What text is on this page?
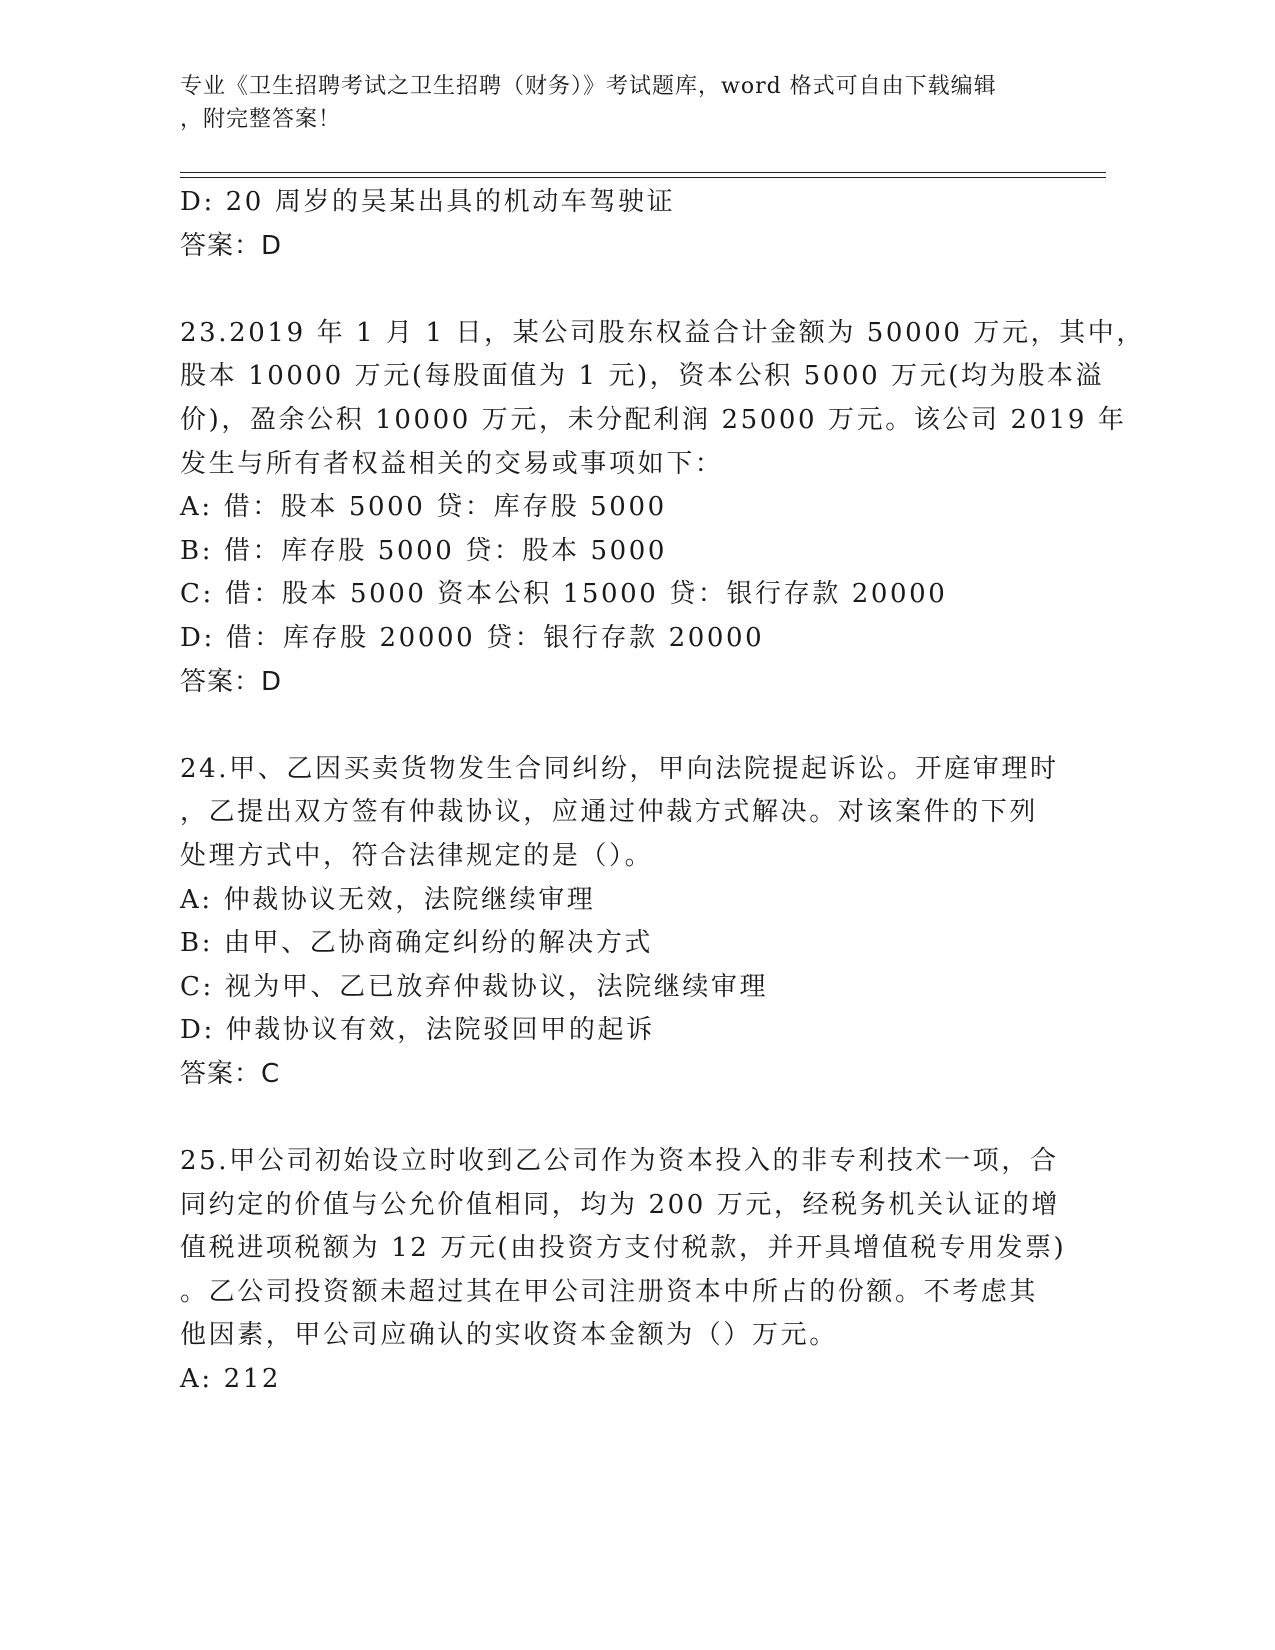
专业《卫生招聘考试之卫生招聘（财务）》考试题库，word 格式可自由下载编辑
，附完整答案！
D: 20 周岁的吴某出具的机动车驾驶证
答案：D
23.2019 年 1 月 1 日，某公司股东权益合计金额为 50000 万元，其中，
股本 10000 万元(每股面值为 1 元)，资本公积 5000 万元(均为股本溢
价)，盈余公积 10000 万元，未分配利润 25000 万元。该公司 2019 年
发生与所有者权益相关的交易或事项如下：
A: 借：股本 5000 贷：库存股 5000
B: 借：库存股 5000 贷：股本 5000
C: 借：股本 5000 资本公积 15000 贷：银行存款 20000
D: 借：库存股 20000 贷：银行存款 20000
答案：D
24.甲、乙因买卖货物发生合同纠纷，甲向法院提起诉讼。开庭审理时
，乙提出双方签有仲裁协议，应通过仲裁方式解决。对该案件的下列
处理方式中，符合法律规定的是（）。
A: 仲裁协议无效，法院继续审理
B: 由甲、乙协商确定纠纷的解决方式
C: 视为甲、乙已放弃仲裁协议，法院继续审理
D: 仲裁协议有效，法院驳回甲的起诉
答案：C
25.甲公司初始设立时收到乙公司作为资本投入的非专利技术一项，合
同约定的价值与公允价值相同，均为 200 万元，经税务机关认证的增
值税进项税额为 12 万元(由投资方支付税款，并开具增值税专用发票)
。乙公司投资额未超过其在甲公司注册资本中所占的份额。不考虑其
他因素，甲公司应确认的实收资本金额为（）万元。
A: 212
